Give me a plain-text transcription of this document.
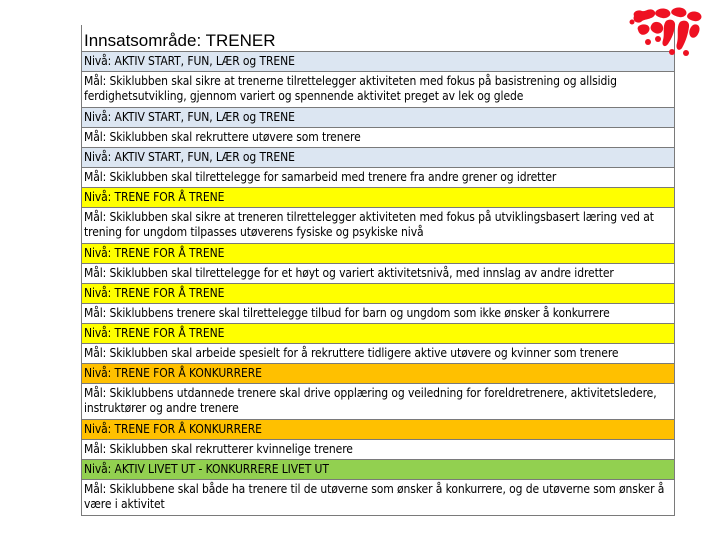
Innsatsområde: TRENER
Nivå: AKTIV START, FUN, LÆR og TRENE
Mål: Skiklubben skal sikre at trenerne tilrettelegger aktiviteten med fokus på basistrening og allsidig ferdighetsutvikling, gjennom variert og spennende aktivitet preget av lek og glede
Nivå: AKTIV START, FUN, LÆR og TRENE
Mål: Skiklubben skal rekruttere utøvere som trenere
Nivå: AKTIV START, FUN, LÆR og TRENE
Mål: Skiklubben skal tilrettelegge for samarbeid med trenere fra andre grener og idretter
Nivå: TRENE FOR Å TRENE
Mål: Skiklubben skal sikre at treneren tilrettelegger aktiviteten med fokus på utviklingsbasert læring ved at trening for ungdom tilpasses utøverens fysiske og psykiske nivå
Nivå: TRENE FOR Å TRENE
Mål: Skiklubben skal tilrettelegge for et høyt og variert aktivitetsnivå, med innslag av andre idretter
Nivå: TRENE FOR Å TRENE
Mål: Skiklubbens trenere skal tilrettelegge tilbud for barn og ungdom som ikke ønsker å konkurrere
Nivå: TRENE FOR Å TRENE
Mål: Skiklubben skal arbeide spesielt for å rekruttere tidligere aktive utøvere og kvinner som trenere
Nivå: TRENE FOR Å KONKURRERE
Mål: Skiklubbens utdannede trenere skal drive opplæring og veiledning for foreldretrenere, aktivitetsledere, instruktører og andre trenere
Nivå: TRENE FOR Å KONKURRERE
Mål: Skiklubben skal rekrutterer kvinnelige trenere
Nivå: AKTIV LIVET UT - KONKURRERE LIVET UT
Mål: Skiklubbene skal både ha trenere til de utøverne som ønsker å konkurrere, og de utøverne som ønsker å være i aktivitet
